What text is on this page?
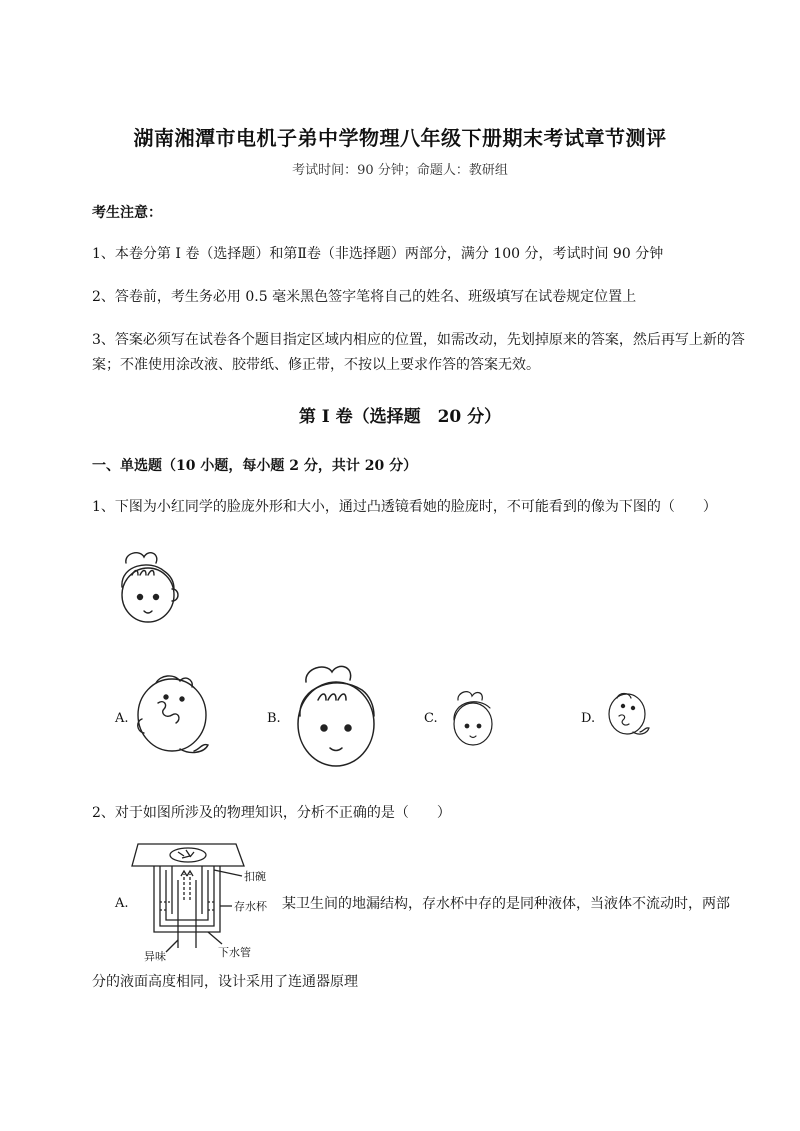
湖南湘潭市电机子弟中学物理八年级下册期末考试章节测评
考试时间：90 分钟；命题人：教研组
考生注意：
1、本卷分第 I 卷（选择题）和第Ⅱ卷（非选择题）两部分，满分 100 分，考试时间 90 分钟
2、答卷前，考生务必用 0.5 毫米黑色签字笔将自己的姓名、班级填写在试卷规定位置上
3、答案必须写在试卷各个题目指定区域内相应的位置，如需改动，先划掉原来的答案，然后再写上新的答案；不准使用涂改液、胶带纸、修正带，不按以上要求作答的答案无效。
第 I 卷（选择题　20 分）
一、单选题（10 小题，每小题 2 分，共计 20 分）
1、下图为小红同学的脸庞外形和大小，通过凸透镜看她的脸庞时，不可能看到的像为下图的（　　）
A.	B.	C.	D.
2、对于如图所涉及的物理知识，分析不正确的是（　　）
扣碗
存水杯
异味	下水管
A.	某卫生间的地漏结构，存水杯中存的是同种液体，当液体不流动时，两部
分的液面高度相同，设计采用了连通器原理
